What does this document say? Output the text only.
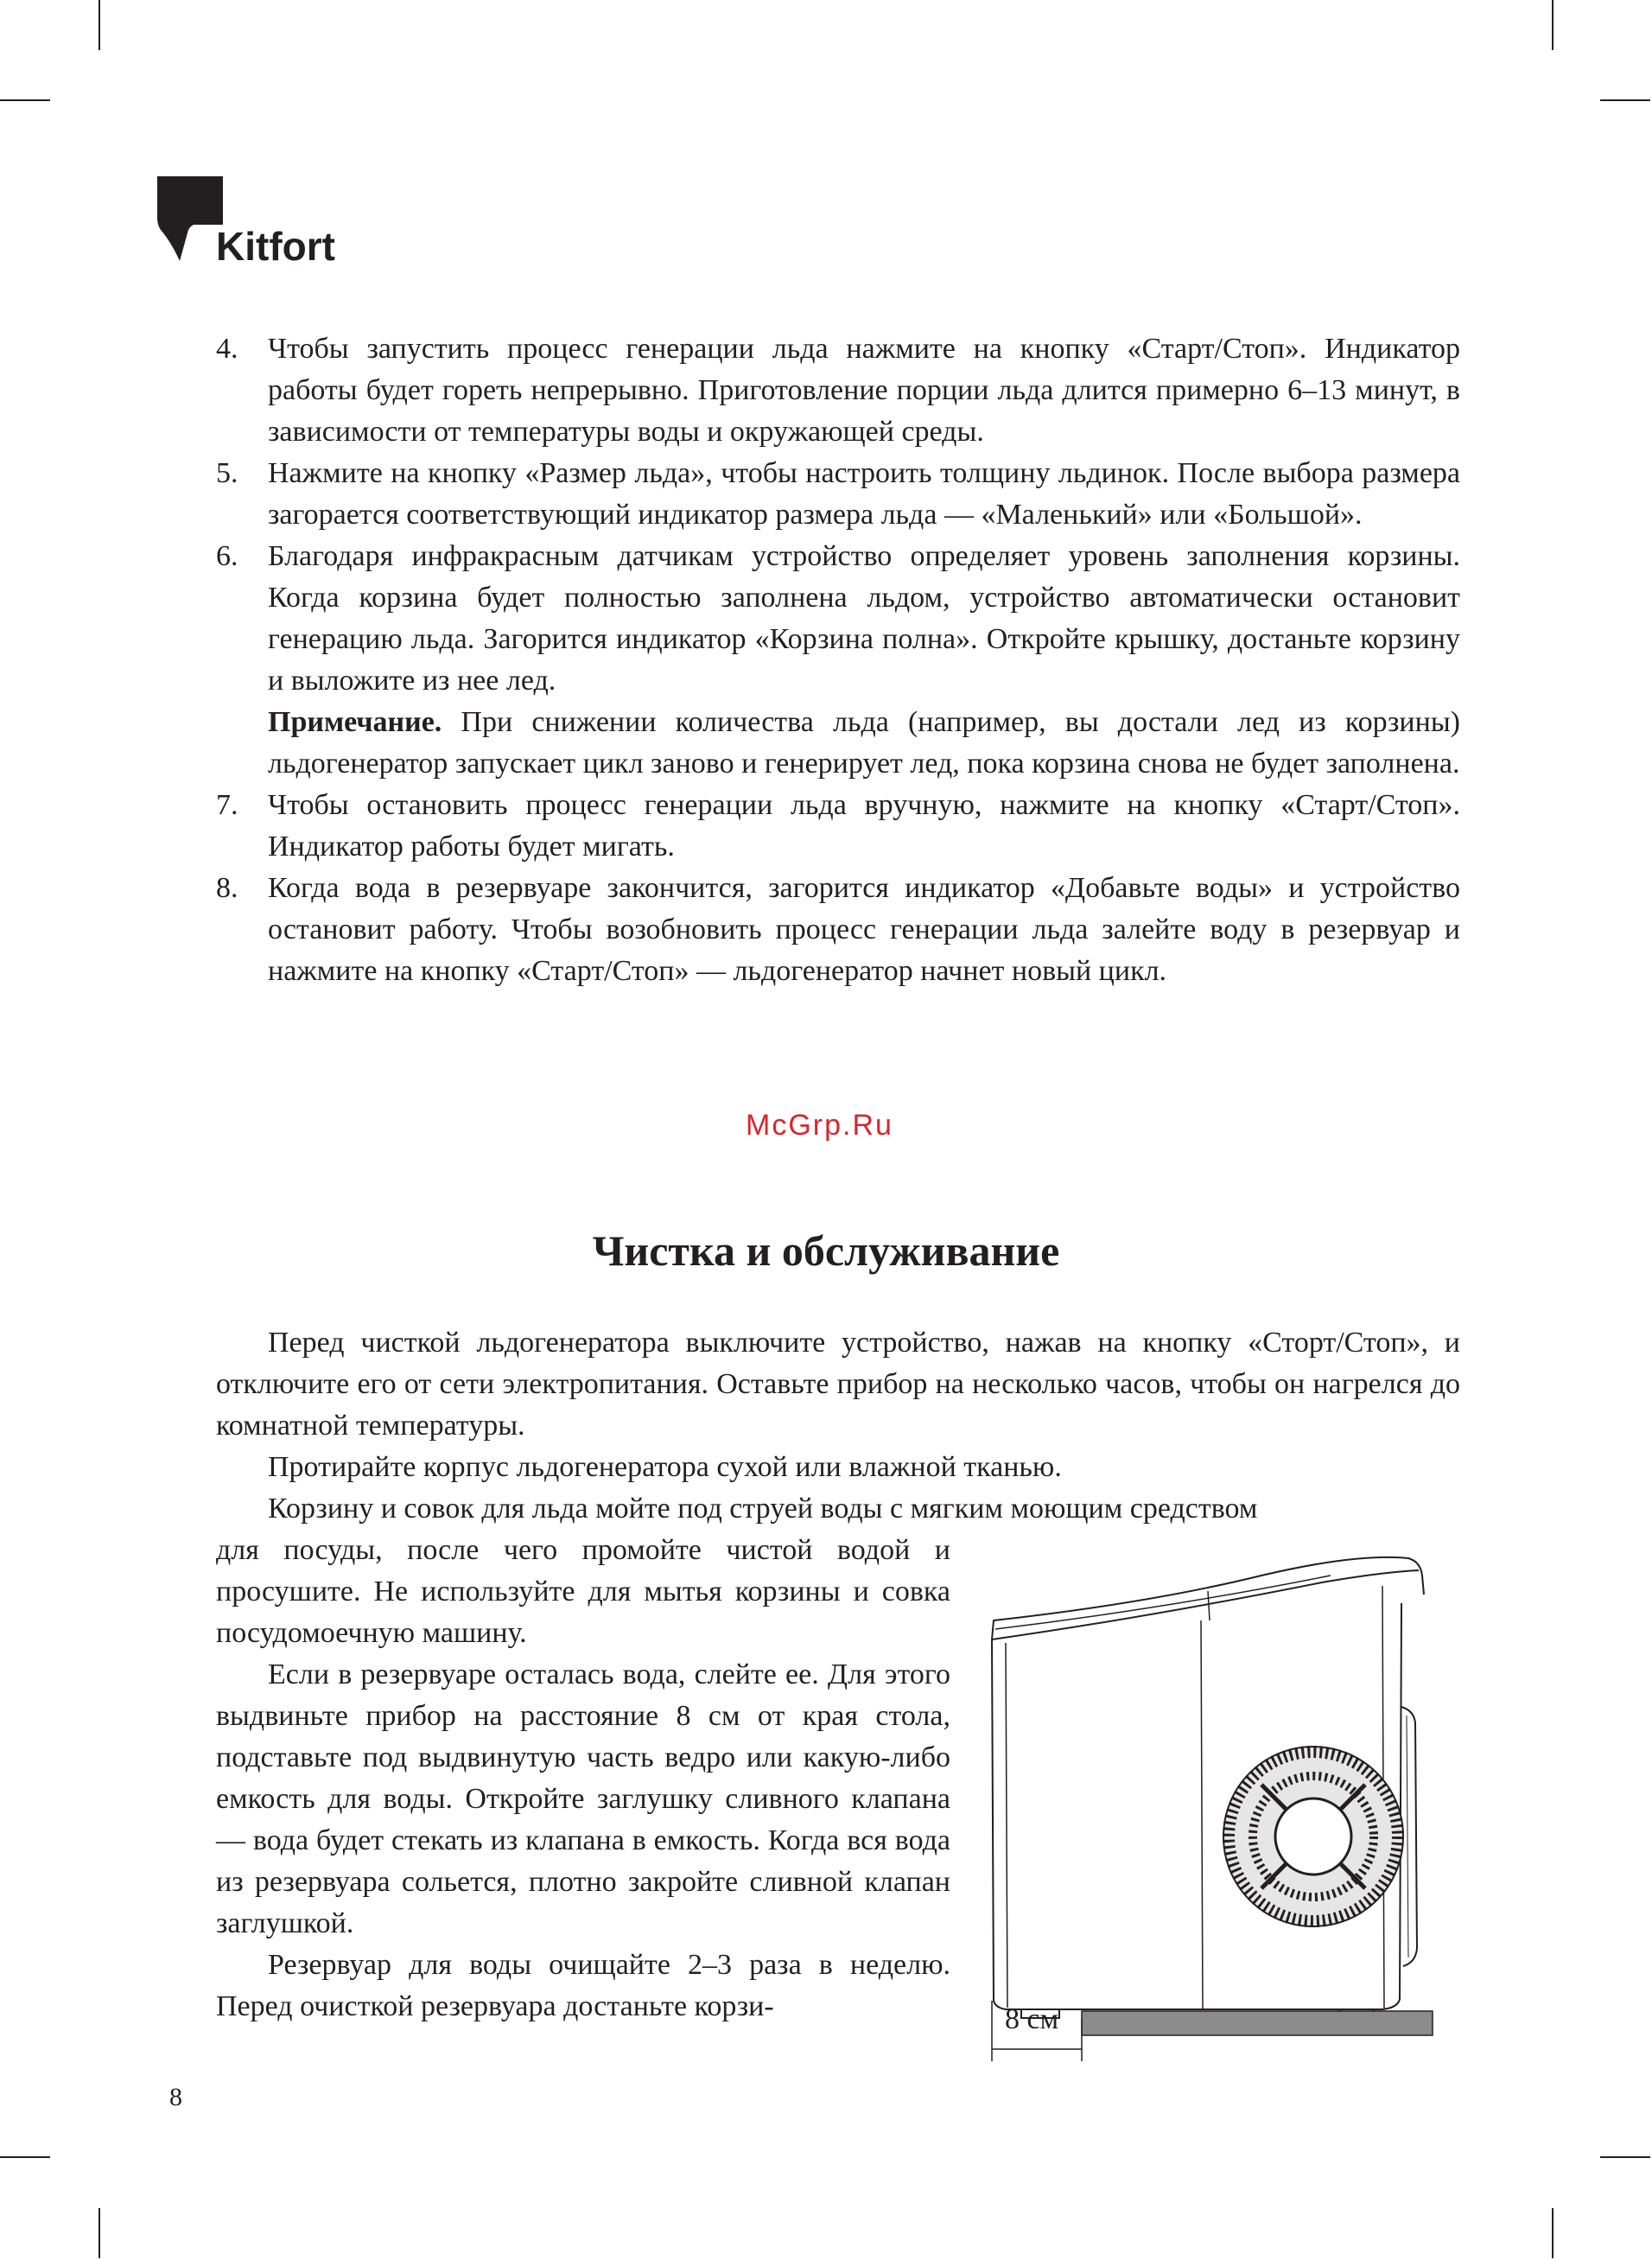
Kitfort
4. Чтобы запустить процесс генерации льда нажмите на кнопку «Старт/Стоп». Индикатор работы будет гореть непрерывно. Приготовление порции льда длится примерно 6–13 минут, в зависимости от температуры воды и окружающей среды.

5. Нажмите на кнопку «Размер льда», чтобы настроить толщину льдинок. После выбора размера загорается соответствующий индикатор размера льда — «Маленький» или «Большой».

6. Благодаря инфракрасным датчикам устройство определяет уровень заполнения корзины. Когда корзина будет полностью заполнена льдом, устройство автоматически остановит генерацию льда. Загорится индикатор «Корзина полна». Откройте крышку, достаньте корзину и выложите из нее лед.

Примечание. При снижении количества льда (например, вы достали лед из корзины) льдогенератор запускает цикл заново и генерирует лед, пока корзина снова не будет заполнена.

7. Чтобы остановить процесс генерации льда вручную, нажмите на кнопку «Старт/Стоп». Индикатор работы будет мигать.

8. Когда вода в резервуаре закончится, загорится индикатор «Добавьте воды» и устройство остановит работу. Чтобы возобновить процесс генерации льда залейте воду в резервуар и нажмите на кнопку «Старт/Стоп» — льдогенератор начнет новый цикл.

McGrp.Ru
Чистка и обслуживание

Перед чисткой льдогенератора выключите устройство, нажав на кнопку «Сторт/Стоп», и отключите его от сети электропитания. Оставьте прибор на несколько часов, чтобы он нагрелся до комнатной температуры.

Протирайте корпус льдогенератора сухой или влажной тканью.

Корзину и совок для льда мойте под струей воды с мягким моющим средством

для посуды, после чего промойте чистой водой и просушите. Не используйте для мытья корзины и совка посудомоечную машину.

Если в резервуаре осталась вода, слейте ее. Для этого выдвиньте прибор на расстояние 8 см от края стола, подставьте под выдвинутую часть ведро или какую-либо емкость для воды. Откройте заглушку сливного клапана — вода будет стекать из клапана в емкость. Когда вся вода из резервуара сольется, плотно закройте сливной клапан заглушкой.

Резервуар для воды очищайте 2–3 раза в неделю. Перед очисткой резервуара достаньте корзи-	8 см
8
